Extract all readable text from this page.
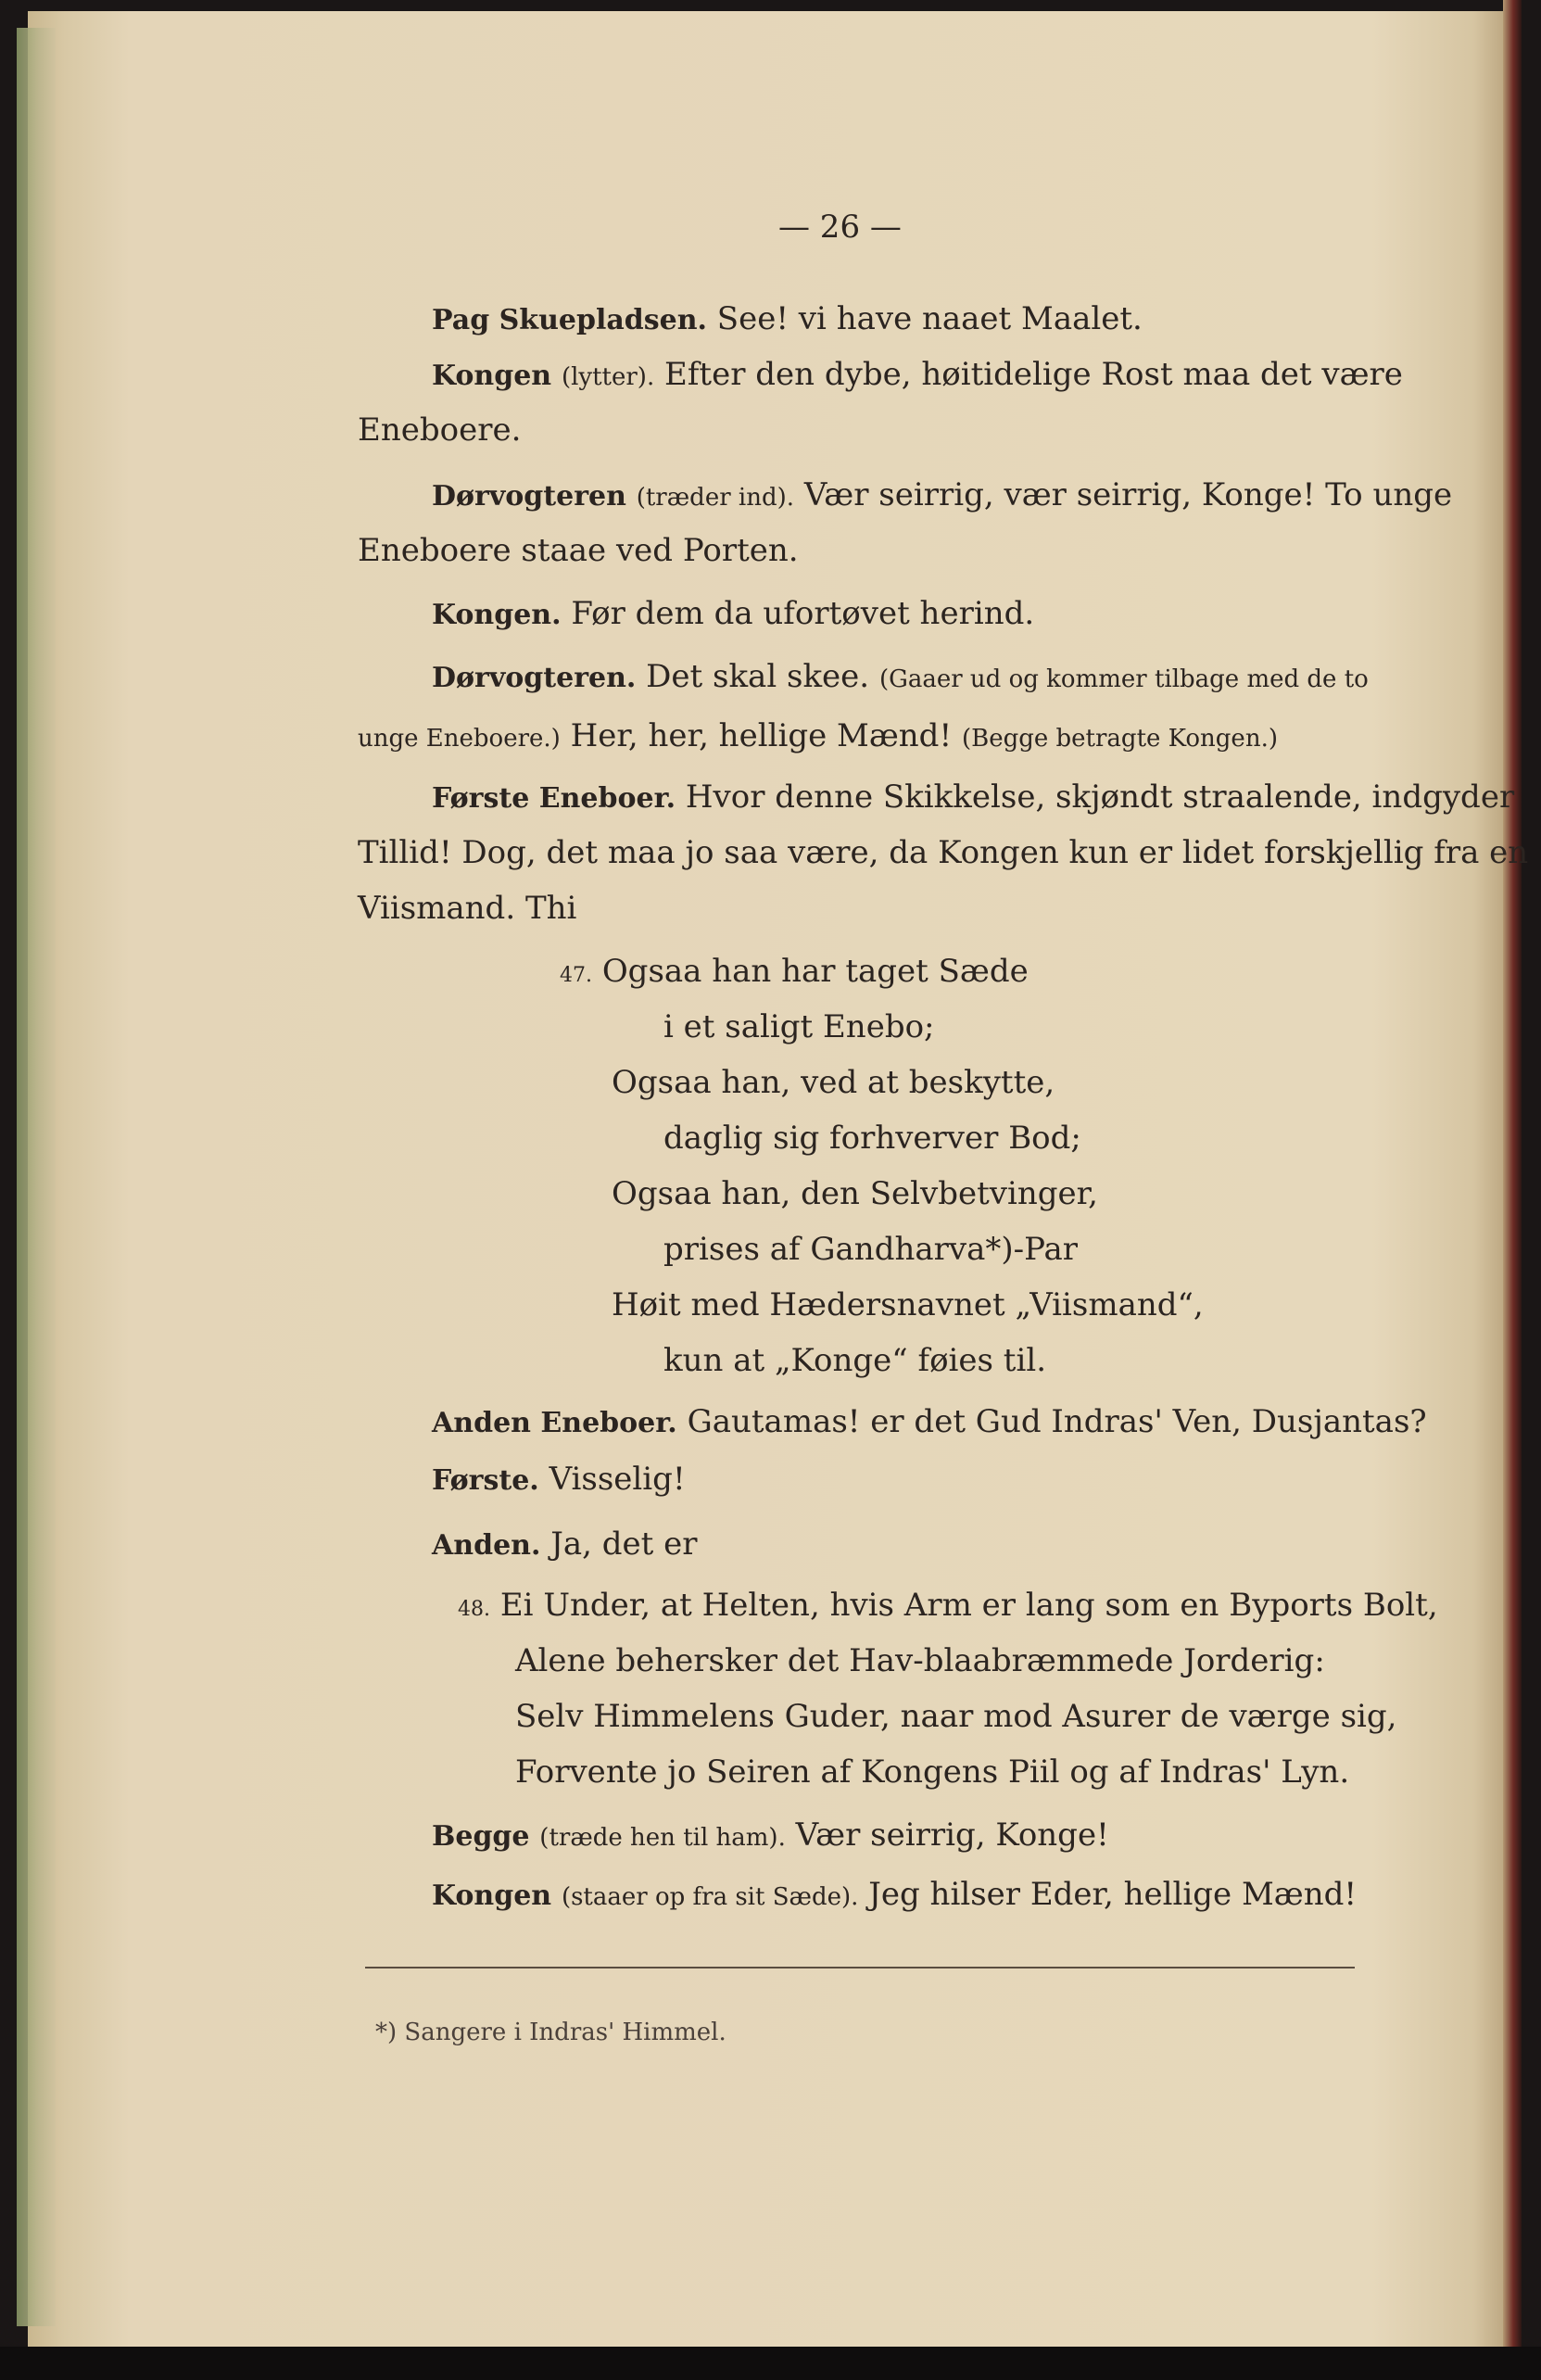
— 26 —
Pag Skuepladsen. See! vi have naaet Maalet.
Kongen (lytter). Efter den dybe, høitidelige Rost maa det være
Eneboere.
Dørvogteren (træder ind). Vær seirrig, vær seirrig, Konge! To unge
Eneboere staae ved Porten.
Kongen. Før dem da ufortøvet herind.
Dørvogteren. Det skal skee. (Gaaer ud og kommer tilbage med de to
unge Eneboere.) Her, her, hellige Mænd! (Begge betragte Kongen.)
Første Eneboer. Hvor denne Skikkelse, skjøndt straalende, indgyder
Tillid! Dog, det maa jo saa være, da Kongen kun er lidet forskjellig fra en
Viismand. Thi
47. Ogsaa han har taget Sæde
i et saligt Enebo;
Ogsaa han, ved at beskytte,
daglig sig forhverver Bod;
Ogsaa han, den Selvbetvinger,
prises af Gandharva*)-Par
Høit med Hædersnavnet „Viismand“,
kun at „Konge“ føies til.
Anden Eneboer. Gautamas! er det Gud Indras' Ven, Dusjantas?
Første. Visselig!
Anden. Ja, det er
48. Ei Under, at Helten, hvis Arm er lang som en Byports Bolt,
Alene behersker det Hav-blaabræmmede Jorderig:
Selv Himmelens Guder, naar mod Asurer de værge sig,
Forvente jo Seiren af Kongens Piil og af Indras' Lyn.
Begge (træde hen til ham). Vær seirrig, Konge!
Kongen (staaer op fra sit Sæde). Jeg hilser Eder, hellige Mænd!
*) Sangere i Indras' Himmel.
